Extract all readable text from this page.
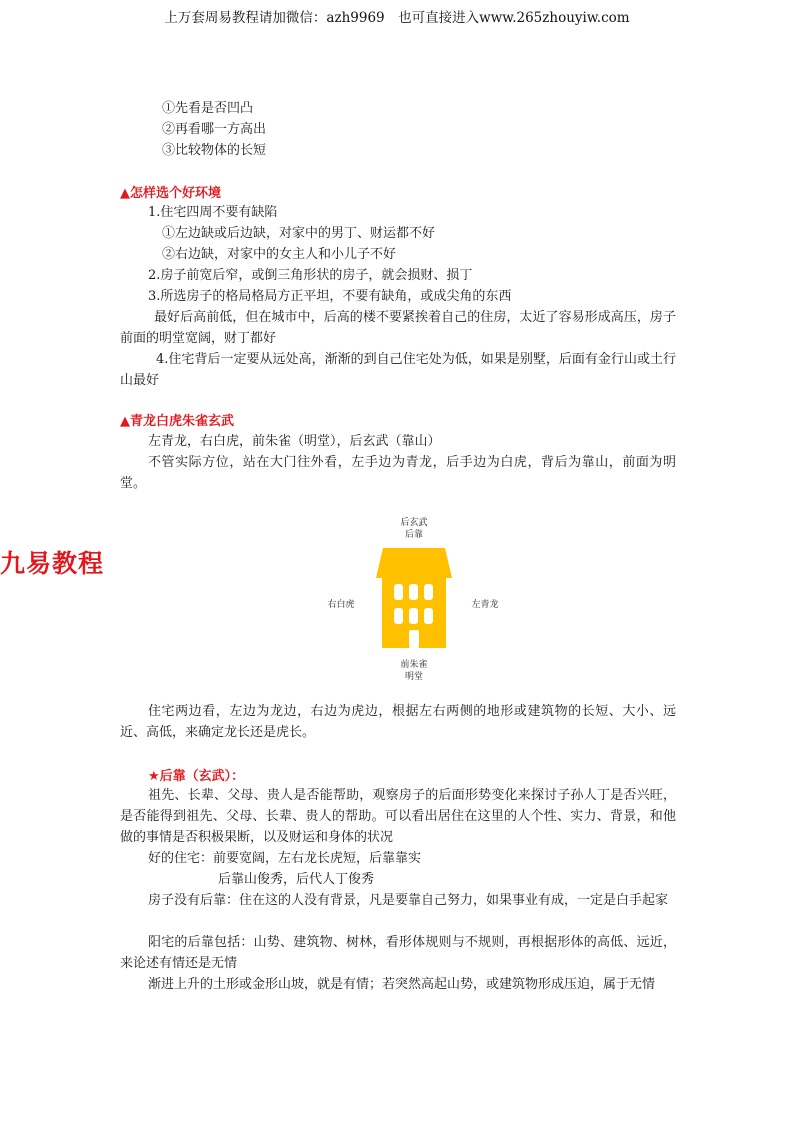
上万套周易教程请加微信：azh9969　也可直接进入www.265zhouyiw.com
①先看是否凹凸
②再看哪一方高出
③比较物体的长短
▲怎样选个好环境
1.住宅四周不要有缺陷
①左边缺或后边缺，对家中的男丁、财运都不好
②右边缺，对家中的女主人和小儿子不好
2.房子前宽后窄，或倒三角形状的房子，就会损财、损丁
3.所选房子的格局格局方正平坦，不要有缺角，或成尖角的东西
最好后高前低，但在城市中，后高的楼不要紧挨着自己的住房，太近了容易形成高压，房子前面的明堂宽阔，财丁都好
4.住宅背后一定要从远处高，渐渐的到自己住宅处为低，如果是别墅，后面有金行山或土行山最好
▲青龙白虎朱雀玄武
左青龙，右白虎，前朱雀（明堂），后玄武（靠山）
不管实际方位，站在大门往外看，左手边为青龙，后手边为白虎，背后为靠山，前面为明堂。
九易教程
后玄武
后靠
右白虎	左青龙
前朱雀
明堂
住宅两边看，左边为龙边，右边为虎边，根据左右两侧的地形或建筑物的长短、大小、远近、高低，来确定龙长还是虎长。
★后靠（玄武）：
祖先、长辈、父母、贵人是否能帮助，观察房子的后面形势变化来探讨子孙人丁是否兴旺，是否能得到祖先、父母、长辈、贵人的帮助。可以看出居住在这里的人个性、实力、背景，和他做的事情是否积极果断，以及财运和身体的状况
好的住宅：前要宽阔，左右龙长虎短，后靠靠实
后靠山俊秀，后代人丁俊秀
房子没有后靠：住在这的人没有背景，凡是要靠自己努力，如果事业有成，一定是白手起家
阳宅的后靠包括：山势、建筑物、树林，看形体规则与不规则，再根据形体的高低、远近，来论述有情还是无情
渐进上升的土形或金形山坡，就是有情；若突然高起山势，或建筑物形成压迫，属于无情
